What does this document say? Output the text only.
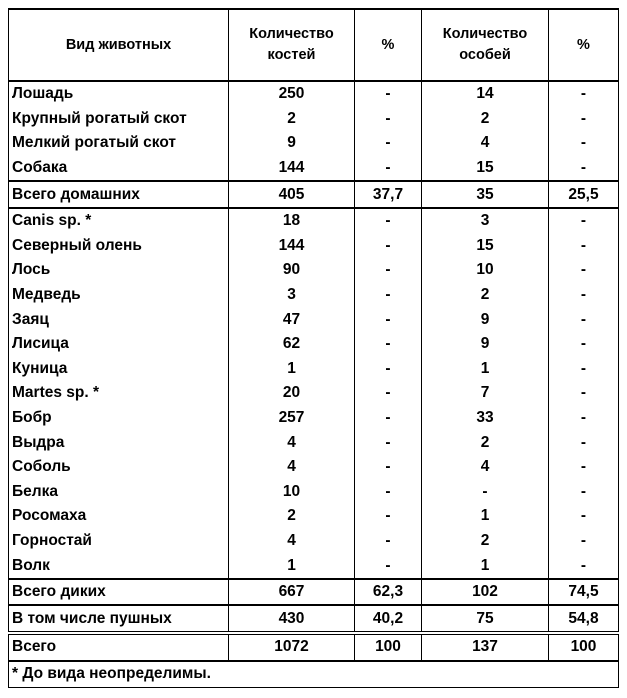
Вид животных	Количество костей	%	Количество особей	%
Лошадь	250	-	14	-
Крупный рогатый скот	2	-	2	-
Мелкий рогатый скот	9	-	4	-
Собака	144	-	15	-
Всего домашних	405	37,7	35	25,5
Canis sp. *	18	-	3	-
Северный олень	144	-	15	-
Лось	90	-	10	-
Медведь	3	-	2	-
Заяц	47	-	9	-
Лисица	62	-	9	-
Куница	1	-	1	-
Martes sp. *	20	-	7	-
Бобр	257	-	33	-
Выдра	4	-	2	-
Соболь	4	-	4	-
Белка	10	-	-	-
Росомаха	2	-	1	-
Горностай	4	-	2	-
Волк	1	-	1	-
Всего диких	667	62,3	102	74,5
В том числе пушных	430	40,2	75	54,8
Всего	1072	100	137	100
* До вида неопределимы.				
